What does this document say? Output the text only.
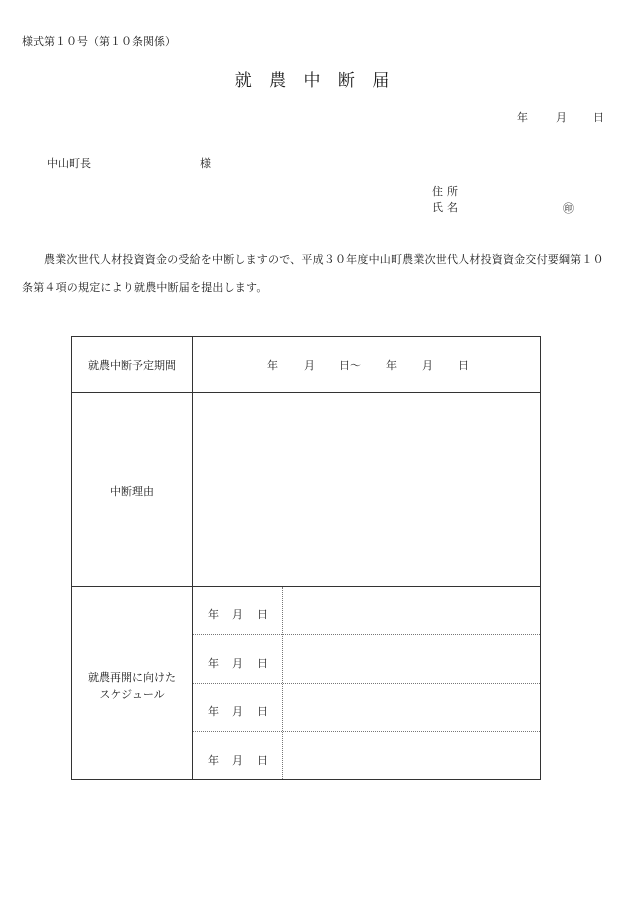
様式第１０号（第１０条関係）
就 農 中 断 届
年	月 日
中山町長	様
住所
氏名	㊞
農業次世代人材投資資金の受給を中断しますので、平成３０年度中山町農業次世代人材投資資金交付要綱第１０条第４項の規定により就農中断届を提出します。
就農中断予定期間	年 月 日～ 年 月 日
中断理由
就農再開に向けた
スケジュール
年 月 日
年 月 日
年 月 日
年 月 日
